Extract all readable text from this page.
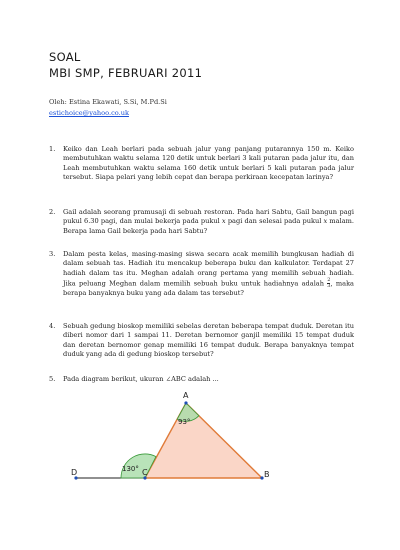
SOAL
MBI SMP, FEBRUARI 2011
Oleh: Estina Ekawati, S.Si, M.Pd.Si
estichoice@yahoo.co.uk
1. Keiko dan Leah berlari pada sebuah jalur yang panjang putarannya 150 m. Keiko membutuhkan waktu selama 120 detik untuk berlari 3 kali putaran pada jalur itu, dan Leah membutuhkan waktu selama 160 detik untuk berlari 5 kali putaran pada jalur tersebut. Siapa pelari yang lebih cepat dan berapa perkiraan kecepatan larinya?
2. Gail adalah seorang pramusaji di sebuah restoran. Pada hari Sabtu, Gail bangun pagi pukul 6.30 pagi, dan mulai bekerja pada pukul x pagi dan selesai pada pukul x malam. Berapa lama Gail bekerja pada hari Sabtu?
3. Dalam pesta kelas, masing-masing siswa secara acak memilih bungkusan hadiah di dalam sebuah tas. Hadiah itu mencakup beberapa buku dan kalkulator. Terdapat 27 hadiah dalam tas itu. Meghan adalah orang pertama yang memilih sebuah hadiah. Jika peluang Meghan dalam memilih sebuah buku untuk hadiahnya adalah $\frac{2}{3}$ , maka berapa banyaknya buku yang ada dalam tas tersebut?
4. Sebuah gedung bioskop memiliki sebelas deretan beberapa tempat duduk. Deretan itu diberi nomor dari 1 sampai 11. Deretan bernomor ganjil memiliki 15 tempat duduk dan deretan bernomor genap memiliki 16 tempat duduk. Berapa banyaknya tempat duduk yang ada di gedung bioskop tersebut?
5. Pada diagram berikut, ukuran ∠ABC adalah ...
A
B
C
D
93°
130°
